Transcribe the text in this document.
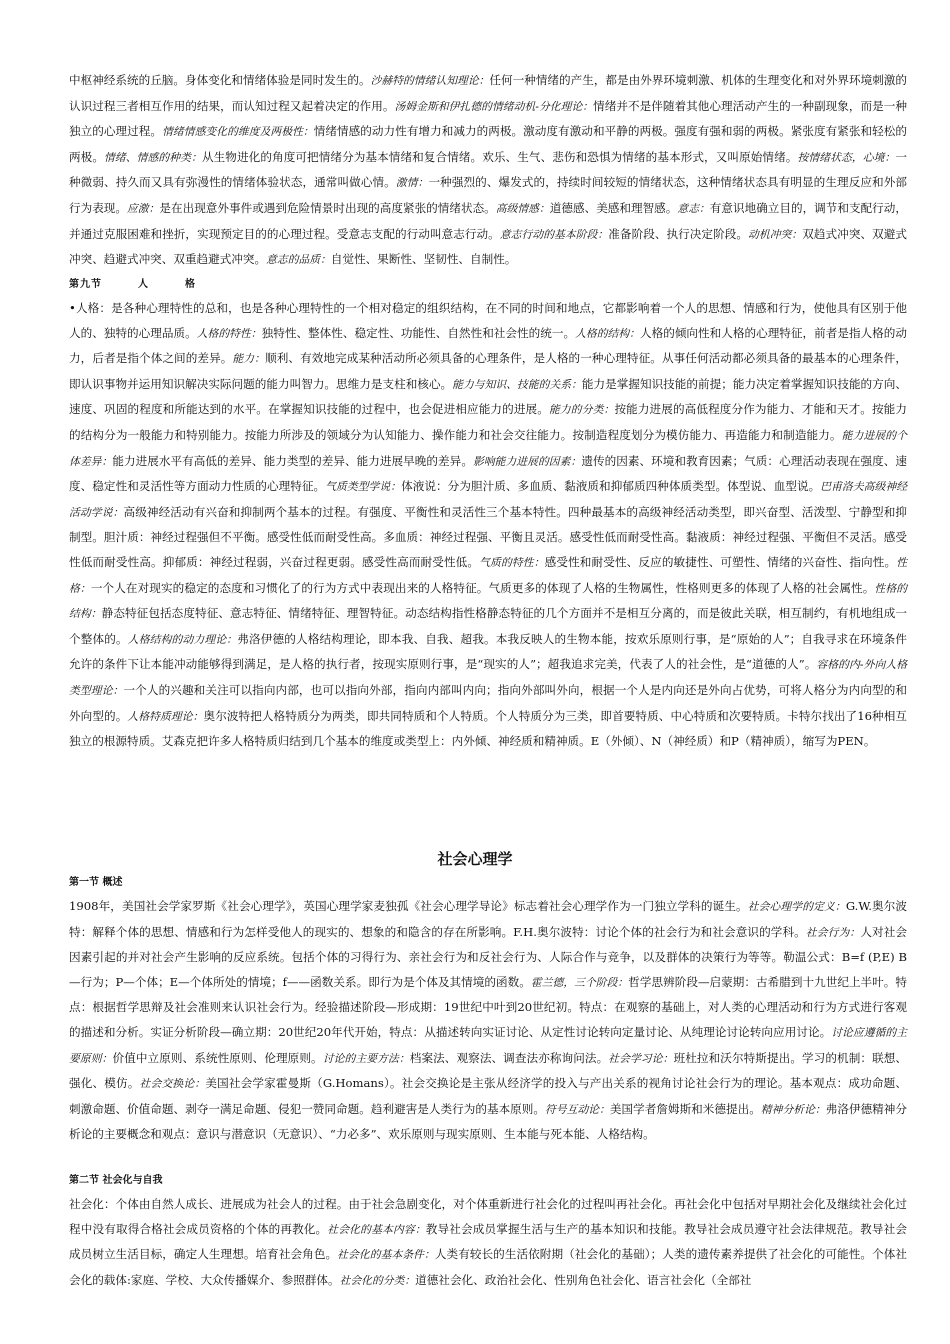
中枢神经系统的丘脑。身体变化和情绪体验是同时发生的。沙赫特的情绪认知理论：任何一种情绪的产生，都是由外界环境刺激、机体的生理变化和对外界环境刺激的认识过程三者相互作用的结果，而认知过程又起着决定的作用。汤姆金斯和伊扎德的情绪动机-分化理论：情绪并不是伴随着其他心理活动产生的一种副现象，而是一种独立的心理过程。情绪情感变化的维度及两极性：情绪情感的动力性有增力和减力的两极。激动度有激动和平静的两极。强度有强和弱的两极。紧张度有紧张和轻松的两极。情绪、情感的种类：从生物进化的角度可把情绪分为基本情绪和复合情绪。欢乐、生气、悲伤和恐惧为情绪的基本形式，又叫原始情绪。按情绪状态，心境：一种微弱、持久而又具有弥漫性的情绪体验状态，通常叫做心情。激情：一种强烈的、爆发式的，持续时间较短的情绪状态，这种情绪状态具有明显的生理反应和外部行为表现。应激：是在出现意外事件或遇到危险情景时出现的高度紧张的情绪状态。高级情感：道德感、美感和理智感。意志：有意识地确立目的，调节和支配行动，并通过克服困难和挫折，实现预定目的的心理过程。受意志支配的行动叫意志行动。意志行动的基本阶段：准备阶段、执行决定阶段。动机冲突：双趋式冲突、双避式冲突、趋避式冲突、双重趋避式冲突。意志的品质：自觉性、果断性、坚韧性、自制性。

第九节	人	格

•人格：是各种心理特性的总和，也是各种心理特性的一个相对稳定的组织结构，在不同的时间和地点，它都影响着一个人的思想、情感和行为，使他具有区别于他人的、独特的心理品质。人格的特性：独特性、整体性、稳定性、功能性、自然性和社会性的统一。人格的结构：人格的倾向性和人格的心理特征，前者是指人格的动力，后者是指个体之间的差异。能力：顺利、有效地完成某种活动所必须具备的心理条件，是人格的一种心理特征。从事任何活动都必须具备的最基本的心理条件，即认识事物并运用知识解决实际问题的能力叫智力。思维力是支柱和核心。能力与知识、技能的关系：能力是掌握知识技能的前提；能力决定着掌握知识技能的方向、速度、巩固的程度和所能达到的水平。在掌握知识技能的过程中，也会促进相应能力的进展。能力的分类：按能力进展的高低程度分作为能力、才能和天才。按能力的结构分为一般能力和特别能力。按能力所涉及的领域分为认知能力、操作能力和社会交往能力。按制造程度划分为模仿能力、再造能力和制造能力。能力进展的个体差异：能力进展水平有高低的差异、能力类型的差异、能力进展早晚的差异。影响能力进展的因素：遗传的因素、环境和教育因素；气质：心理活动表现在强度、速度、稳定性和灵活性等方面动力性质的心理特征。气质类型学说：体液说：分为胆汁质、多血质、黏液质和抑郁质四种体质类型。体型说、血型说。巴甫洛夫高级神经活动学说：高级神经活动有兴奋和抑制两个基本的过程。有强度、平衡性和灵活性三个基本特性。四种最基本的高级神经活动类型，即兴奋型、活泼型、宁静型和抑制型。胆汁质：神经过程强但不平衡。感受性低而耐受性高。多血质：神经过程强、平衡且灵活。感受性低而耐受性高。黏液质：神经过程强、平衡但不灵活。感受性低而耐受性高。抑郁质：神经过程弱，兴奋过程更弱。感受性高而耐受性低。气质的特性：感受性和耐受性、反应的敏捷性、可塑性、情绪的兴奋性、指向性。性格：一个人在对现实的稳定的态度和习惯化了的行为方式中表现出来的人格特征。气质更多的体现了人格的生物属性，性格则更多的体现了人格的社会属性。性格的结构：静态特征包括态度特征、意志特征、情绪特征、理智特征。动态结构指性格静态特征的几个方面并不是相互分离的，而是彼此关联，相互制约，有机地组成一个整体的。人格结构的动力理论：弗洛伊德的人格结构理论，即本我、自我、超我。本我反映人的生物本能，按欢乐原则行事，是“原始的人”；自我寻求在环境条件允许的条件下让本能冲动能够得到满足，是人格的执行者，按现实原则行事，是“现实的人”；超我追求完美，代表了人的社会性，是“道德的人”。容格的内-外向人格类型理论：一个人的兴趣和关注可以指向内部，也可以指向外部，指向内部叫内向；指向外部叫外向，根据一个人是内向还是外向占优势，可将人格分为内向型的和外向型的。人格特质理论：奥尔波特把人格特质分为两类，即共同特质和个人特质。个人特质分为三类，即首要特质、中心特质和次要特质。卡特尔找出了16种相互独立的根源特质。艾森克把许多人格特质归结到几个基本的维度或类型上：内外倾、神经质和精神质。E（外倾）、N（神经质）和P（精神质），缩写为PEN。

社会心理学

第一节 概述

1908年，美国社会学家罗斯《社会心理学》，英国心理学家麦独孤《社会心理学导论》标志着社会心理学作为一门独立学科的诞生。社会心理学的定义：G.W.奥尔波特：解释个体的思想、情感和行为怎样受他人的现实的、想象的和隐含的存在所影响。F.H.奥尔波特：讨论个体的社会行为和社会意识的学科。社会行为：人对社会因素引起的并对社会产生影响的反应系统。包括个体的习得行为、亲社会行为和反社会行为、人际合作与竞争，以及群体的决策行为等等。勒温公式：B=f (P,E) B—行为；P—个体；E—个体所处的情境；f——函数关系。即行为是个体及其情境的函数。霍兰德，三个阶段：哲学思辨阶段—启蒙期：古希腊到十九世纪上半叶。特点：根据哲学思辩及社会准则来认识社会行为。经验描述阶段—形成期：19世纪中叶到20世纪初。特点：在观察的基础上，对人类的心理活动和行为方式进行客观的描述和分析。实证分析阶段—确立期：20世纪20年代开始，特点：从描述转向实证讨论、从定性讨论转向定量讨论、从纯理论讨论转向应用讨论。讨论应遵循的主要原则：价值中立原则、系统性原则、伦理原则。讨论的主要方法：档案法、观察法、调查法亦称询问法。社会学习论：班杜拉和沃尔特斯提出。学习的机制：联想、强化、模仿。社会交换论：美国社会学家霍曼斯（G.Homans）。社会交换论是主张从经济学的投入与产出关系的视角讨论社会行为的理论。基本观点：成功命题、刺激命题、价值命题、剥夺一满足命题、侵犯一赞同命题。趋利避害是人类行为的基本原则。符号互动论：美国学者詹姆斯和米德提出。精神分析论：弗洛伊德精神分析论的主要概念和观点：意识与潜意识（无意识）、“力必多”、欢乐原则与现实原则、生本能与死本能、人格结构。

第二节 社会化与自我

社会化：个体由自然人成长、进展成为社会人的过程。由于社会急剧变化，对个体重新进行社会化的过程叫再社会化。再社会化中包括对早期社会化及继续社会化过程中没有取得合格社会成员资格的个体的再教化。社会化的基本内容：教导社会成员掌握生活与生产的基本知识和技能。教导社会成员遵守社会法律规范。教导社会成员树立生活目标，确定人生理想。培育社会角色。社会化的基本条件：人类有较长的生活依附期（社会化的基础）；人类的遗传素养提供了社会化的可能性。个体社会化的载体:家庭、学校、大众传播媒介、参照群体。社会化的分类：道德社会化、政治社会化、性别角色社会化、语言社会化（全部社
